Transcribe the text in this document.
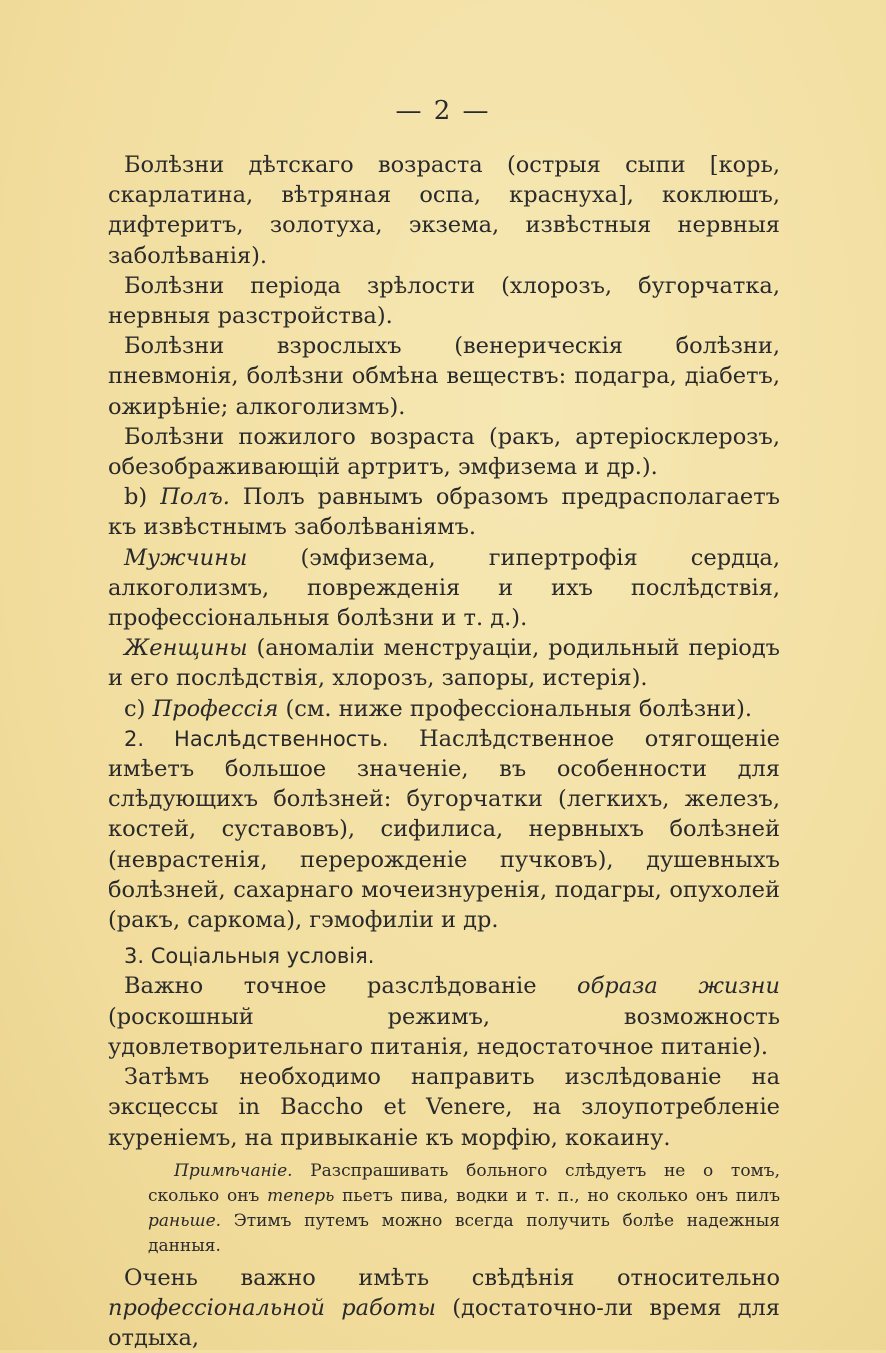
— 2 —

Болѣзни дѣтскаго возраста (острыя сыпи [корь, скарлатина, вѣтряная оспа, краснуха], коклюшъ, дифтеритъ, золотуха, экзема, извѣстныя нервныя заболѣванія).

Болѣзни періода зрѣлости (хлорозъ, бугорчатка, нервныя разстройства).

Болѣзни взрослыхъ (венерическія болѣзни, пневмонія, болѣзни обмѣна веществъ: подагра, діабетъ, ожирѣніе; алкоголизмъ).

Болѣзни пожилого возраста (ракъ, артеріосклерозъ, обезображивающій артритъ, эмфизема и др.).

b) Полъ. Полъ равнымъ образомъ предрасполагаетъ къ извѣстнымъ заболѣваніямъ.

Мужчины (эмфизема, гипертрофія сердца, алкоголизмъ, поврежденія и ихъ послѣдствія, профессіональныя болѣзни и т. д.).

Женщины (аномаліи менструаціи, родильный періодъ и его послѣдствія, хлорозъ, запоры, истерія).

c) Профессія (см. ниже профессіональныя болѣзни).

2. Наслѣдственность. Наслѣдственное отягощеніе имѣетъ большое значеніе, въ особенности для слѣдующихъ болѣзней: бугорчатки (легкихъ, железъ, костей, суставовъ), сифилиса, нервныхъ болѣзней (неврастенія, перерожденіе пучковъ), душевныхъ болѣзней, сахарнаго мочеизнуренія, подагры, опухолей (ракъ, саркома), гэмофиліи и др.

3. Соціальныя условія.

Важно точное разслѣдованіе образа жизни (роскошный режимъ, возможность удовлетворительнаго питанія, недостаточное питаніе).

Затѣмъ необходимо направить изслѣдованіе на эксцессы in Baccho et Venere, на злоупотребленіе куреніемъ, на привыканіе къ морфію, кокаину.

Примѣчаніе. Разспрашивать больного слѣдуетъ не о томъ, сколько онъ теперь пьетъ пива, водки и т. п., но сколько онъ пилъ раньше. Этимъ путемъ можно всегда получить болѣе надежныя данныя.

Очень важно имѣть свѣдѣнія относительно профессіональной работы (достаточно-ли время для отдыха,
